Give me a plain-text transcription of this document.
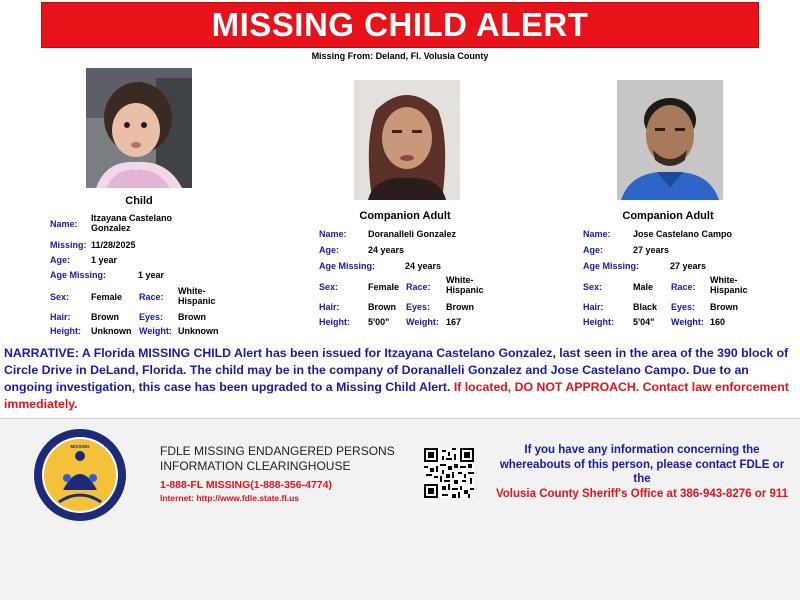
MISSING CHILD ALERT
Missing From: Deland, Fl. Volusia County
Child
Name:
Itzayana Castelano Gonzalez
Missing: 11/28/2025
Age: 1 year
Age Missing:	1 year
Sex: Female Race:
White-Hispanic
Hair: Brown Eyes: Brown
Height: Unknown Weight: Unknown
Companion Adult
Name: Doranalleli Gonzalez
Age:	24 years
Age Missing:	24 years
Sex:	Female Race:
White-Hispanic
Hair:	Brown Eyes: Brown
Height: 5'00" Weight: 167
Companion Adult
Name: Jose Castelano Campo
Age:	27 years
Age Missing:	27 years
Sex:	Male Race:
White-Hispanic
Hair:	Black Eyes: Brown
Height: 5'04" Weight: 160
NARRATIVE: A Florida MISSING CHILD Alert has been issued for Itzayana Castelano Gonzalez, last seen in the area of the 390 block of Circle Drive in DeLand, Florida. The child may be in the company of Doranalleli Gonzalez and Jose Castelano Campo. Due to an ongoing investigation, this case has been upgraded to a Missing Child Alert. If located, DO NOT APPROACH. Contact law enforcement immediately.
MISSING	FDLE MISSING ENDANGERED PERSONS
INFORMATION CLEARINGHOUSE
1-888-FL MISSING(1-888-356-4774)
Internet: http://www.fdle.state.fl.us
If you have any information concerning the
whereabouts of this person, please contact FDLE or
the
Volusia County Sheriff's Office at 386-943-8276 or 911
